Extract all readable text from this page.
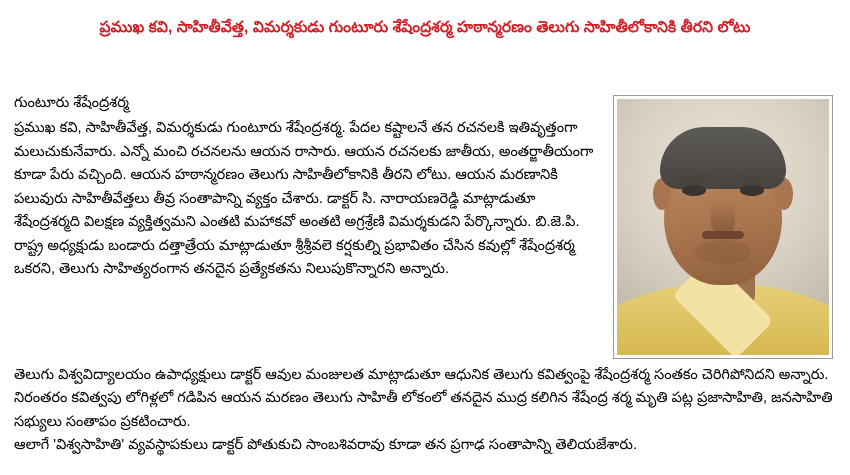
ప్రముఖ కవి, సాహితీవేత్త, విమర్శకుడు గుంటూరు శేషేంద్రశర్మ హఠాన్మరణం తెలుగు సాహితీలోకానికి తీరని లోటు

గుంటూరు శేషేంద్రశర్మ

ప్రముఖ కవి, సాహితీవేత్త, విమర్శకుడు గుంటూరు శేషేంద్రశర్మ. పేదల కష్టాలనే తన రచనలకి ఇతివృత్తంగా మలుచుకునేవారు. ఎన్నో మంచి రచనలను ఆయన రాసారు. ఆయన రచనలకు జాతీయ, అంతర్జాతీయంగా కూడా పేరు వచ్చింది. ఆయన హఠాన్మరణం తెలుగు సాహితీలోకానికి తీరని లోటు. ఆయన మరణానికి పలువురు సాహితీవేత్తలు తీవ్ర సంతాపాన్ని వ్యక్తం చేశారు. డాక్టర్ సి. నారాయణరెడ్డి మాట్లాడుతూ శేషేంద్రశర్మది విలక్షణ వ్యక్తిత్వమని ఎంతటి మహాకవో అంతటి అగ్రశ్రేణి విమర్శకుడని పేర్కొన్నారు. బి.జె.పి. రాష్ట్ర అధ్యక్షుడు బండారు దత్తాత్రేయ మాట్లాడుతూ శ్రీశ్రీవలె కర్షకుల్ని ప్రభావితం చేసిన కవుల్లో శేషేంద్రశర్మ ఒకరని, తెలుగు సాహిత్యరంగాన తనదైన ప్రత్యేకతను నిలుపుకొన్నారని అన్నారు.

తెలుగు విశ్వవిద్యాలయం ఉపాధ్యక్షులు డాక్టర్ ఆవుల మంజులత మాట్లాడుతూ ఆధునిక తెలుగు కవిత్వంపై శేషేంద్రశర్మ సంతకం చెరిగిపోనిదని అన్నారు. నిరంతరం కవిత్వపు లోగిళ్లలో గడిపిన ఆయన మరణం తెలుగు సాహితీ లోకంలో తనదైన ముద్ర కలిగిన శేషేంద్ర శర్మ మృతి పట్ల ప్రజాసాహితి, జనసాహితి సభ్యులు సంతాపం ప్రకటించారు.

ఆలాగే 'విశ్వసాహితి' వ్యవస్థాపకులు డాక్టర్ పోతుకుచి సాంబశివరావు కూడా తన ప్రగాఢ సంతాపాన్ని తెలియజేశారు.
